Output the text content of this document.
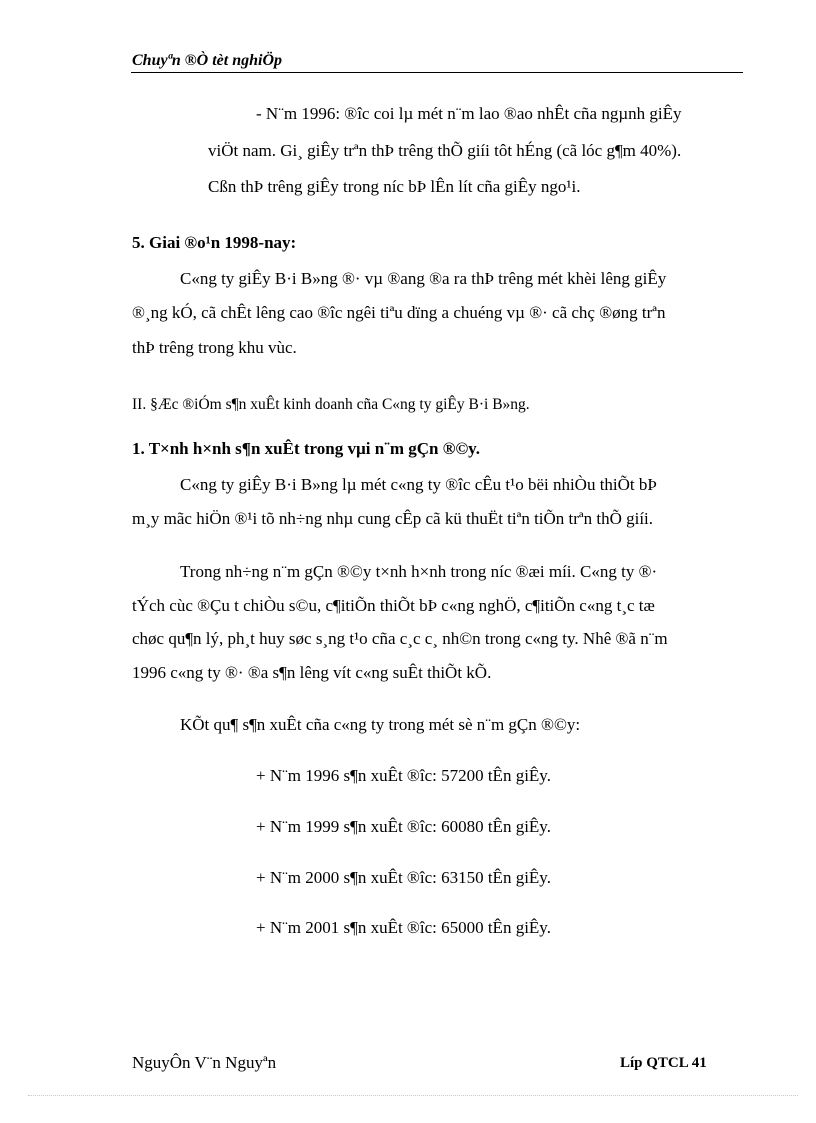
Chuyªn ®Ò tèt nghiÖp
- N¨m 1996: ®îc coi lµ mét n¨m lao ®ao nhÊt cña ngµnh giÊy
viÖt nam. Gi¸ giÊy trªn thÞ trêng thÕ giíi tôt hÉng (cã lóc g¶m 40%).
Cßn thÞ trêng giÊy trong níc bÞ lÊn lít cña giÊy ngo¹i.
5. Giai ®o¹n 1998-nay:
C«ng ty giÊy B·i B»ng ®· vµ ®ang ®a ra thÞ trêng mét khèi lêng giÊy
®¸ng kÓ, cã chÊt lêng cao ®îc ngêi tiªu dïng a chuéng vµ ®· cã chç ®øng trªn
thÞ trêng trong khu vùc.
II. §Æc ®iÓm s¶n xuÊt kinh doanh cña C«ng ty giÊy B·i B»ng.
1. T×nh h×nh s¶n xuÊt trong vµi n¨m gÇn ®©y.
C«ng ty giÊy B·i B»ng lµ mét c«ng ty ®îc cÊu t¹o bëi nhiÒu thiÕt bÞ
m¸y mãc hiÖn ®¹i tõ nh÷ng nhµ cung cÊp cã kü thuËt tiªn tiÕn trªn thÕ giíi.
Trong nh÷ng n¨m gÇn ®©y t×nh h×nh trong níc ®æi míi. C«ng ty ®·
tÝch cùc ®Çu t chiÒu s©u, c¶itiÕn thiÕt bÞ c«ng nghÖ, c¶itiÕn c«ng t¸c tæ
chøc qu¶n lý, ph¸t huy søc s¸ng t¹o cña c¸c c¸ nh©n trong c«ng ty. Nhê ®ã n¨m
1996 c«ng ty ®· ®a s¶n lêng vít c«ng suÊt thiÕt kÕ.
KÕt qu¶ s¶n xuÊt cña c«ng ty trong mét sè n¨m gÇn ®©y:
+ N¨m 1996 s¶n xuÊt ®îc: 57200 tÊn giÊy.
+ N¨m 1999 s¶n xuÊt ®îc: 60080 tÊn giÊy.
+ N¨m 2000 s¶n xuÊt ®îc: 63150 tÊn giÊy.
+ N¨m 2001 s¶n xuÊt ®îc: 65000 tÊn giÊy.
NguyÔn V¨n Nguyªn	Líp QTCL 41
